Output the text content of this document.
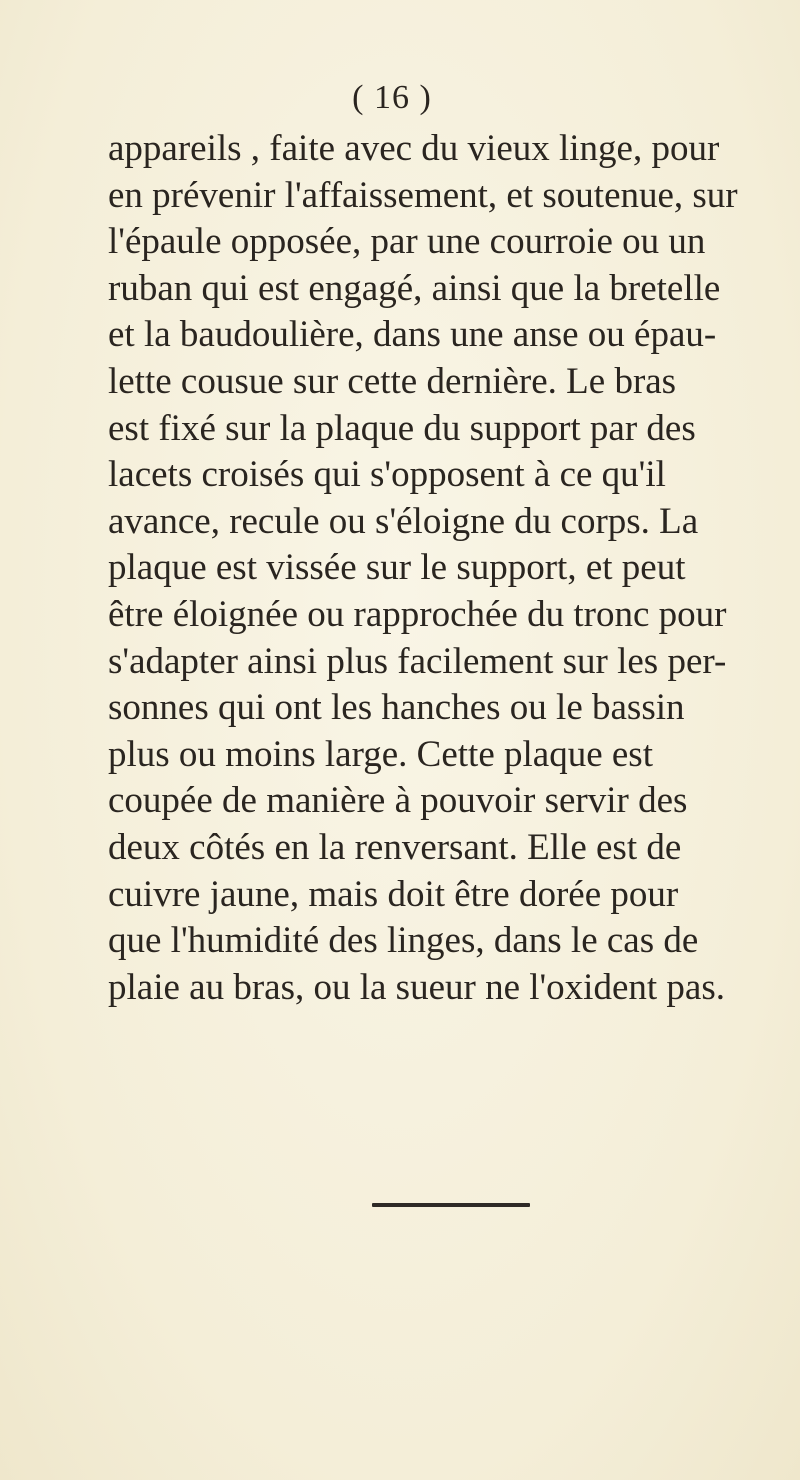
( 16 )
appareils , faite avec du vieux linge, pour
en prévenir l'affaissement, et soutenue, sur
l'épaule opposée, par une courroie ou un
ruban qui est engagé, ainsi que la bretelle
et la baudoulière, dans une anse ou épau-
lette cousue sur cette dernière. Le bras
est fixé sur la plaque du support par des
lacets croisés qui s'opposent à ce qu'il
avance, recule ou s'éloigne du corps. La
plaque est vissée sur le support, et peut
être éloignée ou rapprochée du tronc pour
s'adapter ainsi plus facilement sur les per-
sonnes qui ont les hanches ou le bassin
plus ou moins large. Cette plaque est
coupée de manière à pouvoir servir des
deux côtés en la renversant. Elle est de
cuivre jaune, mais doit être dorée pour
que l'humidité des linges, dans le cas de
plaie au bras, ou la sueur ne l'oxident pas.
